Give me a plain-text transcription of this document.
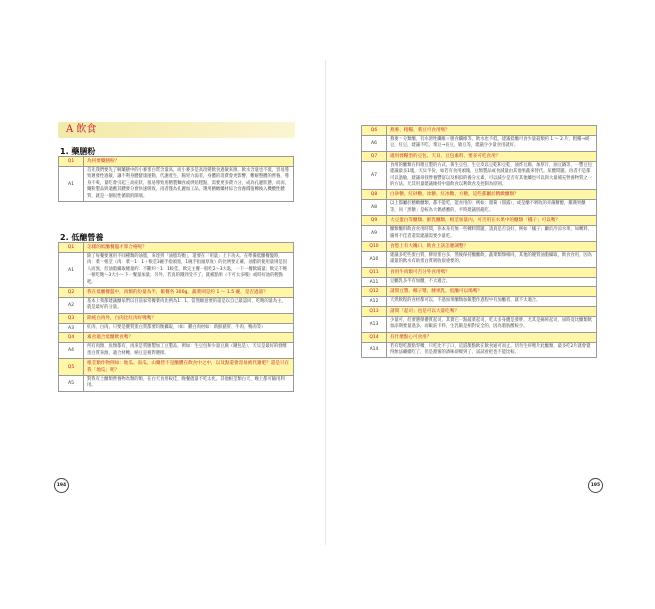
A 飲食
1. 藥膳粉
Q1	為何要藥膳粉？
A1	首先我們要先了解藥膳中的小麥蛋白質含量高，而小麥多是高改變飲食過敏來源，飲水含量也不低，容易導致遲發性過敏，讓不利身體健康運動，代謝產生，腸胃力弱者，身體的消費會更影響，難解整體的營養，導身不爽，量吃會引起三高症狀，很易導致用精製麵食或烘焙糕點，需要更多費力分，成為孔麗狀態，而而，藥粉製品與適應其體發分會快速吸收，再者僅為孔麗加工品，選用精緻藥材綜合食養價值轉換入機酸性體質，就是一個很性循環的開端。
2. 低醣營養
Q1	怎樣的低醣餐盤才算合格呢？
A1	除了每餐要運用不同種類的油脂，來達到「油脂均衡」，還要在「用量」上下功夫。在準備低醣餐盤時，肉：菜＝根莖（肉：菜＝1：1＋根莖3碗手指頭寬，1碗手指頭厚度）的比例要正確，油脂的使用量則是因人而異，但油脂攝取總量約：不斷約＝1：1較佳。飲完主餐一般吃2～3大匙，一下一餐飲減量；飲完不飽一頓吃飽～3大小～下一餐量加量；另外，若真的餓到受不了，就補點果（不可太多哦）或時好油的輕點吧。
Q2	我在低醣餐盤中，肉類的份量為半，飯餐各 300g，蔬菜則是約 1 ～ 1.5 碗，是否過量？
A2	基本上我都建議醣尿們以目前家常餐菜肉比例為1：1，當然願意要的還是以自己最認同、吃飽的量為主，就是最好的分量。
Q3	除純白肉外，白肉比紅肉好嗎嗎？
A3	紅肉、白肉，只要是優質蛋白質都要均衡攝取，（如：雞白肉材如：新鮮豬肝、牛肉、鴨肉等）
Q4	素食適合低醣飲食嗎？
A4	所有肉類、魚類都有，再來是質膳製加工豆製品，例如：生豆包和少量豆腐（剛包是），天貝是最好的發酵蛋白質來源，適合材轉，納豆是相對選擇。
Q5	根莖類作物例如：地瓜、南瓜、山藥皆不是醣體在飲食中之中，以及點還會容易被代謝吧？還是只在我「地瓜」呢？
A5	對我有土醣類營養物為類的類，在白天食用較佳，晚餐儘量不吃太化。其他根莖類白天、晚上都可隨用利用。
194
Q6	燕麥、粗糧、菜豆可食用嗎？
A6	燕麥＝分類醣，有水溶性纖維＋膳食纖維等，飲水也不低，建議低醣可食少量菇類約 1 ～ 2 片，粗糧→緩豆，紅豆，建議不吃。菜豆→長豆，敏豆等，建議少少量食用就好。
Q7	適用發糧型的豆包、天貝、豆包素料，要多可吃食用？
A7	食用的醣類在料理豆製的方式，黃生豆包，生豆皮以豆乾和豆乾、油炸豆腐，加厚片，油豆鍋等，一豐豆包建議最多1塊，天貝半份，如若有食用頭塊，豆類製品或食減量由其他果蔬來替代。尿酸問題。再者不是都可以過敏，建議尋找營養豐富以及相似的養分元素，可以減少是否有其他藥也可以與大量補充營養物質之一的方法。尤其用量建議維持中量飲食以利飲食及控制為原則。
Q8	白砂糖、紅砂糖、冰糖、紅冰糖、方糖，這些都屬於精緻醣類？
A8	以上都屬於精緻醣類，都不能吃，能食用的：例如：甜菊（甜露），或是醣不吸收的赤藻糖醇，羅漢果醣等，同「黑糖」是較為大偶感應的，平時建議別亂吃。
Q9	大豆蛋白等醣類、鮮乳醣類，根莖加量內，可否用在水果中的醣類「橘子」可以嗎？
A9	醣類醣料飲食食用時間，你本身有無一些轉料問題，請真是否良好，例如「橘子」屬於冷涼水果，如轉料，腸胃不佳者還需建議需要少量吃。
Q10	食慾上有大饞口，飲食上該怎麼調整？
A10	建議多吃些蛋白質，膠原蛋白多，然後保持醣醣飲，蔬菜類類相同，其他的優質油脂攝取，飲食食用，因為滿量的飲水有助蛋白質吸收很重要的。
Q11	食用牛肉類可否分外食用嗎？
A11	豆屬乳多半有加醣，不太適合。
Q12	請問豆漿、椰子漿、腰果乳，低醣可以喝嗎？
A12	天然飲程的食材都可以，不過加果醣類加飯製作過程中有加醣者，就不太適合。
Q13	請問「起司」也是可以大量吃嗎？
A13	少量可，但要選擇優質起司，其實它一點蔬菜起司，吃太多身體是發胖，尤其是痛經起司，屆時竟比醣類飲加添期要量過多，而飯前卡料，生乳飯是相對安全的，因為脂肪酸較少。
Q14	有什麼點心可食用？
A14	若有想吃甜點零嘴，只吃比不了口，這道甜點飲在飲食通可而止。切勿生疹哩片此醣類，最多吃2片就會覺得無法繼續吃了，但是甜蜜的酒味卻爆到了，試試看把也不能比較。
195
